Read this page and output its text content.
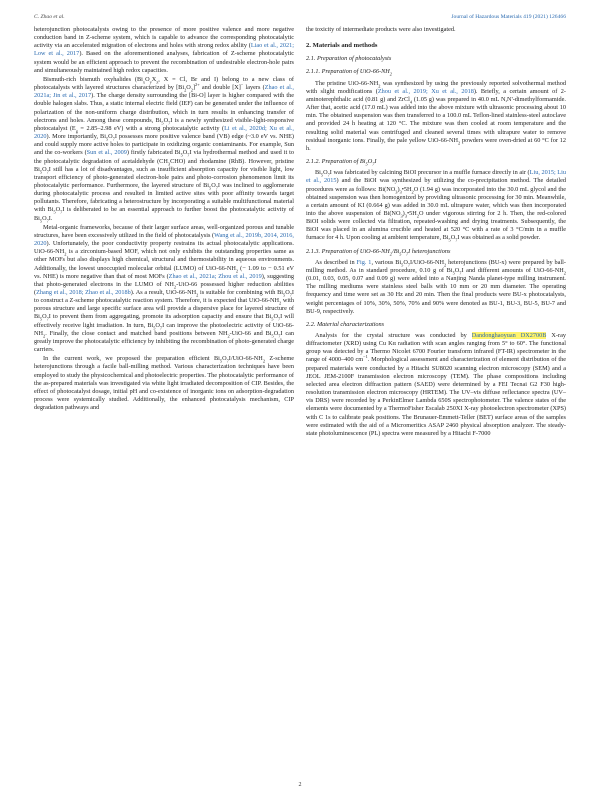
C. Zhao et al.	Journal of Hazardous Materials 419 (2021) 126466

heterojunction photocatalysts owing to the presence of more positive valence and more negative conduction band in Z-scheme system, which is capable to advance the corresponding photocatalytic activity via an accelerated migration of electrons and holes with strong redox ability (Liao et al., 2021; Low et al., 2017). Based on the aforementioned analyses, fabrication of Z-scheme photocatalytic system would be an efficient approach to prevent the recombination of undesirable electron-hole pairs and simultaneously maintained high redox capacities.

Bismuth-rich bismuth oxyhalides ($Bi_xO_yX_z$, X = Cl, Br and I) belong to a new class of photocatalysts with layered structures characterized by $[Bi_2O_2]^{2+}$ and double [X]− layers (Zhao et al., 2021a; Jin et al., 2017). The charge density surrounding the [Bi-O] layer is higher compared with the double halogen slabs. Thus, a static internal electric field (IEF) can be generated under the influence of polarization of the non-uniform charge distribution, which in turn results in enhancing transfer of electrons and holes. Among these compounds, $Bi_5O_7I$ is a newly synthesized visible-light-responsive photocatalyst ($E_g = 2.85-2.98$ eV) with a strong photocatalytic activity (Li et al., 2020d; Xu et al., 2020). More importantly, $Bi_5O_7I$ possesses more positive valence band (VB) edge (~3.0 eV vs. NHE) and could supply more active holes to participate in oxidizing organic contaminants. For example, Sun and the co-workers (Sun et al., 2009) firstly fabricated $Bi_5O_7I$ via hydrothermal method and used it to the photocatalytic degradation of acetaldehyde $(CH_3CHO)$ and rhodamine (RhB). However, pristine $Bi_5O_7I$ still has a lot of disadvantages, such as insufficient absorption capacity for visible light, low transport efficiency of photo-generated electron-hole pairs and photo-corrosion phenomenon limit its photocatalytic performance. Furthermore, the layered structure of $Bi_5O_7I$ was inclined to agglomerate during photocatalytic process and resulted in limited active sites with poor affinity towards target pollutants. Therefore, fabricating a heterostructure by incorporating a suitable multifunctional material with $Bi_5O_7I$ is deliberated to be an essential approach to further boost the photocatalytic activity of $Bi_5O_7I$.

Metal-organic frameworks, because of their larger surface areas, well-organized porous and tunable structures, have been excessively utilized in the field of photocatalysis (Wang et al., 2019b, 2014, 2016, 2020). Unfortunately, the poor conductivity property restrains its actual photocatalytic applications. UiO-$66-NH_2$ is a zirconium-based MOF, which not only exhibits the outstanding properties same as other MOFs but also displays high chemical, structural and thermostability in aqueous environments. Additionally, the lowest unoccupied molecular orbital (LUMO) of UiO-$66-NH_2$ (− 1.09 to − 0.51 eV vs. NHE) is more negative than that of most MOFs (Zhao et al., 2021a; Zhou et al., 2019), suggesting that photo-generated electrons in the LUMO of $NH_2-UiO-66$ possessed higher reduction abilities (Zhang et al., 2018; Zhao et al., 2018b). As a result, UiO-$66-NH_2$ is suitable for combining with $Bi_5O_7I$ to construct a Z-scheme photocatalytic reaction system. Therefore, it is expected that UiO-$66-NH_2$ with porous structure and large specific surface area will provide a dispersive place for layered structure of $Bi_5O_7I$ to prevent them from aggregating, promote its adsorption capacity and ensure that $Bi_5O_7I$ will effectively receive light irradiation. In turn, $Bi_5O_7I$ can improve the photoelectric activity of UiO-$66-NH_2$. Finally, the close contact and matched band positions between $NH_2-UiO-66$ and $Bi_5O_7I$ can greatly improve the photocatalytic efficiency by inhibiting the recombination of photo-generated charge carriers.

In the current work, we proposed the preparation efficient $Bi_5O_7I/UiO-66-NH_2$ Z-scheme heterojunctions through a facile ball-milling method. Various characterization techniques have been employed to study the physicochemical and photoelectric properties. The photocatalytic performance of the as-prepared materials was investigated via white light irradiated decomposition of CIP. Besides, the effect of photocatalyst dosage, initial pH and co-existence of inorganic ions on adsorption-degradation process were systemically studied. Additionally, the enhanced photocatalysis mechanism, CIP degradation pathways and

the toxicity of intermediate products were also investigated.

2. Materials and methods
2.1. Preparation of photocatalysts
2.1.1. Preparation of UiO-$66-NH_2$

The pristine UiO-$66-NH_2$ was synthesized by using the previously reported solvothermal method with slight modifications (Zhou et al., 2019; Xu et al., 2018). Briefly, a certain amount of 2-aminoterephthalic acid (0.81 g) and ZrCl$_4$ (1.05 g) was prepared in 40.0 mL N,N'-dimethylformamide. After that, acetic acid (17.0 mL) was added into the above mixture with ultrasonic processing about 10 min. The obtained suspension was then transferred to a 100.0 mL Teflon-lined stainless-steel autoclave and provided 24 h heating at 120 °C. The mixture was then cooled at room temperature and the resulting solid material was centrifuged and cleaned several times with ultrapure water to remove residual inorganic ions. Finally, the pale yellow UiO-$66-NH_2$ powders were oven-dried at 60 °C for 12 h.

2.1.2. Preparation of $Bi_5O_7I$

$Bi_5O_7I$ was fabricated by calcining BiOI precursor in a muffle furnace directly in air (Liu, 2015; Liu et al., 2015) and the BiOI was synthesized by utilizing the co-precipitation method. The detailed procedures were as follows: $Bi(NO_3)_3•5H_2O$ (1.94 g) was incorporated into the 30.0 mL glycol and the obtained suspension was then homogenized by providing ultrasonic processing for 30 min. Meanwhile, a certain amount of KI (0.664 g) was added in 30.0 mL ultrapure water, which was then incorporated into the above suspension of $Bi(NO_3)_3•5H_2O$ under vigorous stirring for 2 h. Then, the red-colored BiOI solids were collected via filtration, repeated-washing and drying treatments. Subsequently, the BiOI was placed in an alumina crucible and heated at 520 °C with a rate of 3 °C/min in a muffle furnace for 4 h. Upon cooling at ambient temperature, $Bi_5O_7I$ was obtained as a solid powder.

2.1.3. Preparation of UiO-$66-NH_2/Bi_5O_7I$ heterojunctions

As described in Fig. 1, various $Bi_5O_7I/UiO-66-NH_2$ heterojunctions (BU-x) were prepared by ball-milling method. As in standard procedure, 0.10 g of $Bi_5O_7I$ and different amounts of UiO-$66-NH_2$ (0.01, 0.03, 0.05, 0.07 and 0.09 g) were added into a Nanjing Nanda planet-type milling instrument. The milling mediums were stainless steel balls with 10 mm or 20 mm diameter. The operating frequency and time were set as 30 Hz and 20 min. Then the final products were BU-x photocatalysts, weight percentages of 10%, 30%, 50%, 70% and 90% were denoted as BU-1, BU-3, BU-5, BU-7 and BU-9, respectively.

2.2. Material characterizations

Analysis for the crystal structure was conducted by Dandonghaoyuan DX2700B X-ray diffractometer (XRD) using Cu Kα radiation with scan angles ranging from 5° to 60°. The functional group was detected by a Thermo Nicolet 6700 Fourier transform infrared (FT-IR) spectrometer in the range of 4000–400 $cm^{-1}$. Morphological assessment and characterization of element distribution of the prepared materials were conducted by a Hitachi SU8020 scanning electron microscopy (SEM) and a JEOL JEM-2100F transmission electron microscopy (TEM). The phase compositions including selected area electron diffraction pattern (SAED) were determined by a FEI Tecnai G2 F30 high-resolution transmission electron microscopy (HRTEM). The UV–vis diffuse reflectance spectra (UV–vis DRS) were recorded by a PerkinElmer Lambda 650S spectrophotometer. The valence states of the elements were documented by a ThermoFisher Escalab 250XI X-ray photoelectron spectrometer (XPS) with C 1s to calibrate peak positions. The Brunauer-Emmett-Teller (BET) surface areas of the samples were estimated with the aid of a Micromeritics ASAP 2460 physical absorption analyzer. The steady-state photoluminescence (PL) spectra were measured by a Hitachi F-7000

2
